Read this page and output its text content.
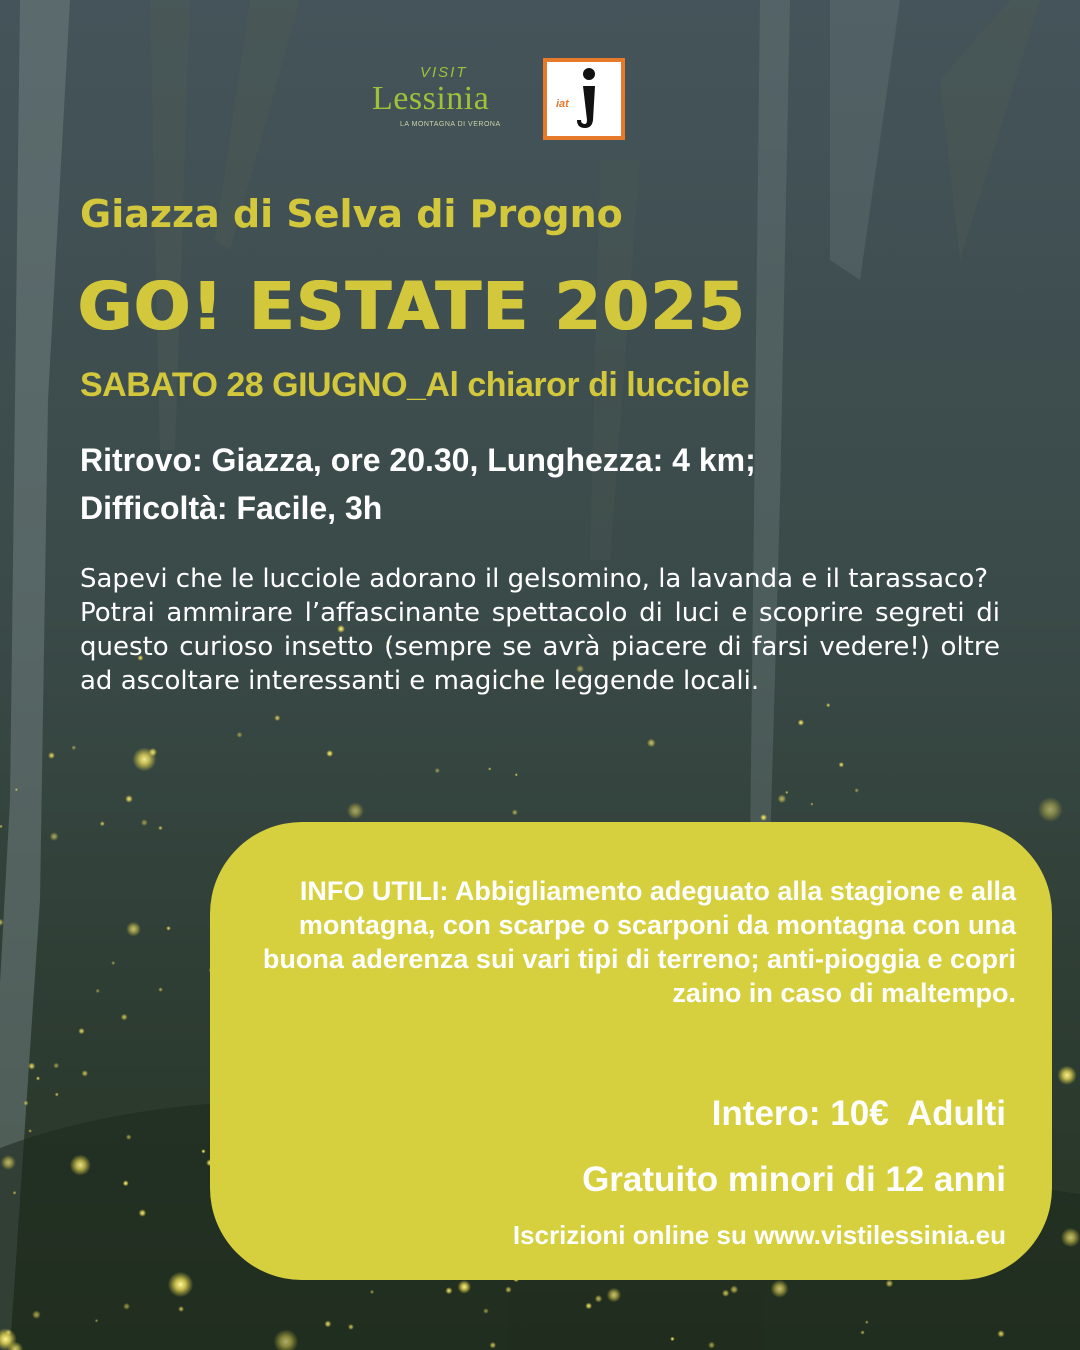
VISIT
Lessinia
LA MONTAGNA DI VERONA
iat
Giazza di Selva di Progno
GO! ESTATE 2025
SABATO 28 GIUGNO_Al chiaror di lucciole
Ritrovo: Giazza, ore 20.30, Lunghezza: 4 km;
Difficoltà: Facile, 3h

Sapevi che le lucciole adorano il gelsomino, la lavanda e il tarassaco?

Potrai ammirare l’affascinante spettacolo di luci e scoprire segreti di questo curioso insetto (sempre se avrà piacere di farsi vedere!) oltre ad ascoltare interessanti e magiche leggende locali.

INFO UTILI: Abbigliamento adeguato alla stagione e alla montagna, con scarpe o scarponi da montagna con una buona aderenza sui vari tipi di terreno; anti-pioggia e copri zaino in caso di maltempo.
Intero: 10€  Adulti
Gratuito minori di 12 anni
Iscrizioni online su www.vistilessinia.eu
